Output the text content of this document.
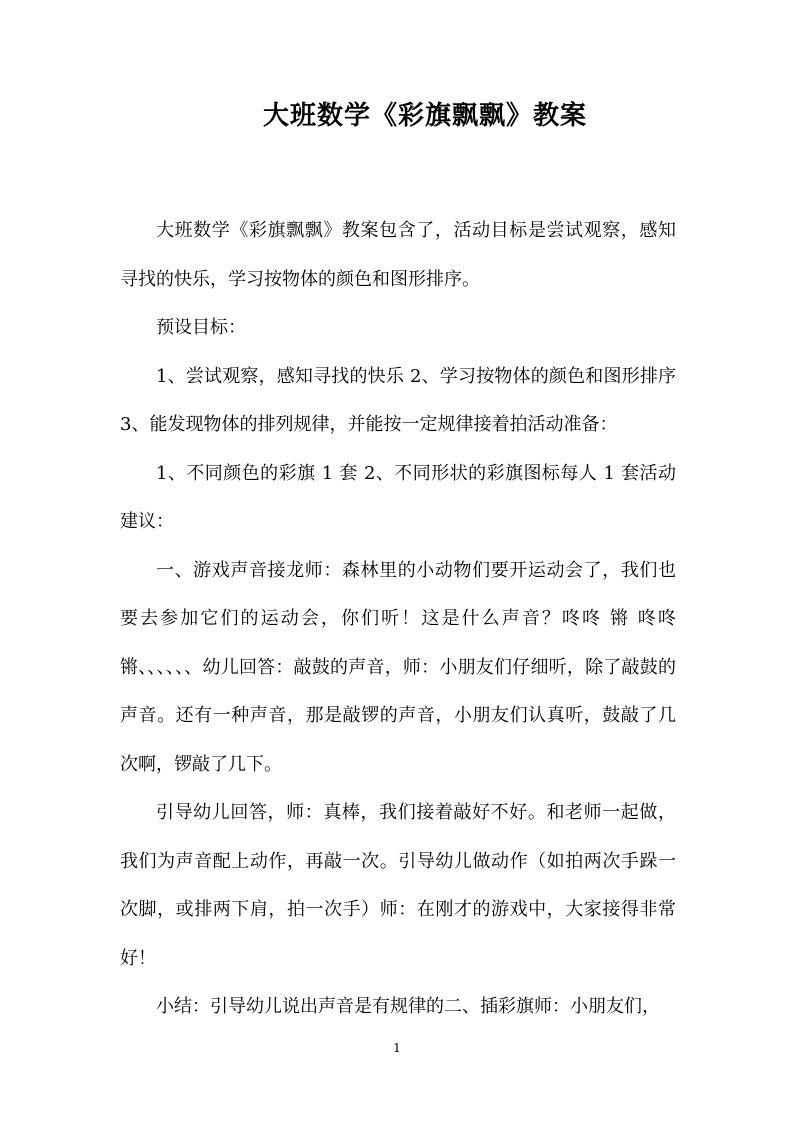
大班数学《彩旗飘飘》教案

大班数学《彩旗飘飘》教案包含了，活动目标是尝试观察，感知寻找的快乐，学习按物体的颜色和图形排序。

预设目标：

1、尝试观察，感知寻找的快乐 2、学习按物体的颜色和图形排序 3、能发现物体的排列规律，并能按一定规律接着拍活动准备：

1、不同颜色的彩旗 1 套 2、不同形状的彩旗图标每人 1 套活动建议：

一、游戏声音接龙师：森林里的小动物们要开运动会了，我们也要去参加它们的运动会，你们听！这是什么声音？咚咚 锵 咚咚锵、、、、、、幼儿回答：敲鼓的声音，师：小朋友们仔细听，除了敲鼓的声音。还有一种声音，那是敲锣的声音，小朋友们认真听，鼓敲了几次啊，锣敲了几下。

引导幼儿回答，师：真棒，我们接着敲好不好。和老师一起做，我们为声音配上动作，再敲一次。引导幼儿做动作（如拍两次手跺一次脚，或排两下肩，拍一次手）师：在刚才的游戏中，大家接得非常好！

小结：引导幼儿说出声音是有规律的二、插彩旗师：小朋友们，

1
